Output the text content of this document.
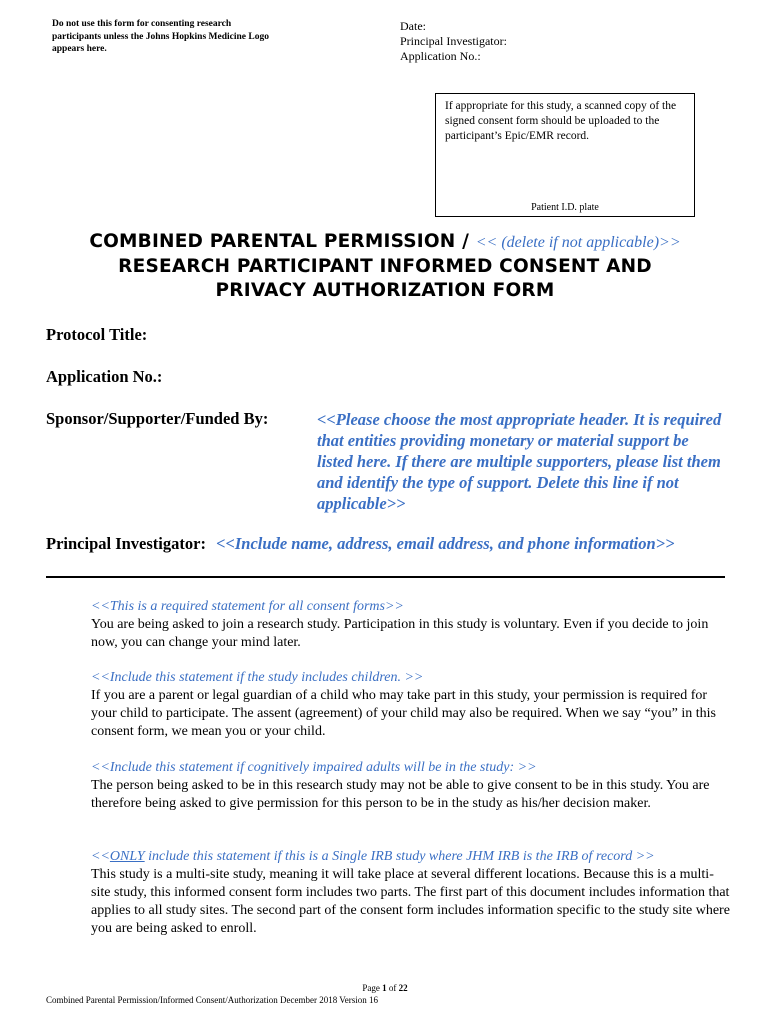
Do not use this form for consenting research participants unless the Johns Hopkins Medicine Logo appears here.
Date:
Principal Investigator:
Application No.:
If appropriate for this study, a scanned copy of the signed consent form should be uploaded to the participant’s Epic/EMR record.
Patient I.D. plate
COMBINED PARENTAL PERMISSION / << (delete if not applicable)>>
RESEARCH PARTICIPANT INFORMED CONSENT AND
PRIVACY AUTHORIZATION FORM
Protocol Title:
Application No.:
Sponsor/Supporter/Funded By:	<<Please choose the most appropriate header. It is required that entities providing monetary or material support be listed here. If there are multiple supporters, please list them and identify the type of support. Delete this line if not applicable>>
Principal Investigator: <<Include name, address, email address, and phone information>>
<<This is a required statement for all consent forms>>
You are being asked to join a research study. Participation in this study is voluntary. Even if you decide to join now, you can change your mind later.
<<Include this statement if the study includes children. >>
If you are a parent or legal guardian of a child who may take part in this study, your permission is required for your child to participate. The assent (agreement) of your child may also be required. When we say “you” in this consent form, we mean you or your child.
<<Include this statement if cognitively impaired adults will be in the study: >>
The person being asked to be in this research study may not be able to give consent to be in this study. You are therefore being asked to give permission for this person to be in the study as his/her decision maker.
<<ONLY include this statement if this is a Single IRB study where JHM IRB is the IRB of record >>
This study is a multi-site study, meaning it will take place at several different locations. Because this is a multi-site study, this informed consent form includes two parts. The first part of this document includes information that applies to all study sites. The second part of the consent form includes information specific to the study site where you are being asked to enroll.
Page 1 of 22
Combined Parental Permission/Informed Consent/Authorization December 2018 Version 16
